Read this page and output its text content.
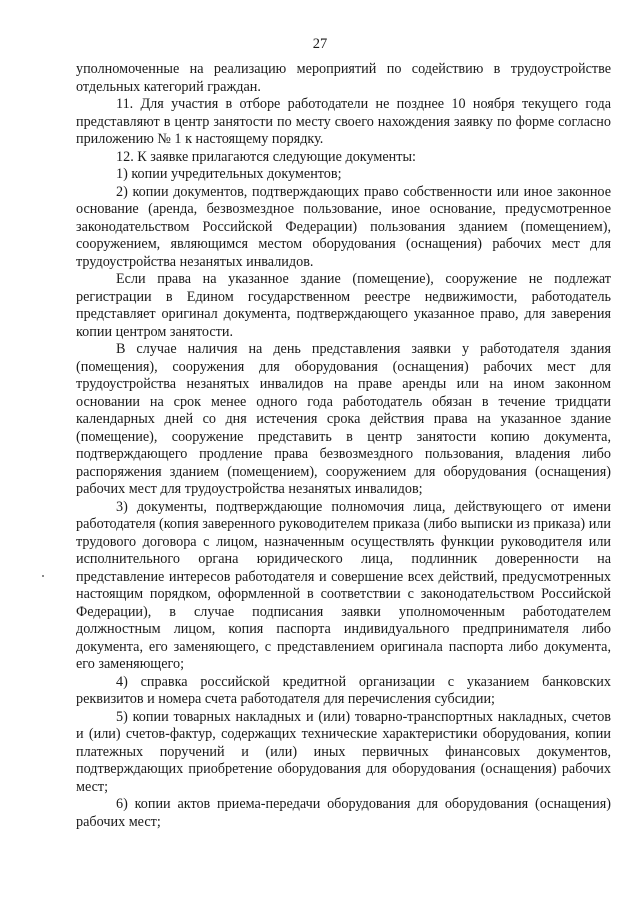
27

уполномоченные на реализацию мероприятий по содействию в трудоустройстве отдельных категорий граждан.

11. Для участия в отборе работодатели не позднее 10 ноября текущего года представляют в центр занятости по месту своего нахождения заявку по форме согласно приложению № 1 к настоящему порядку.

12. К заявке прилагаются следующие документы:

1) копии учредительных документов;

2) копии документов, подтверждающих право собственности или иное законное основание (аренда, безвозмездное пользование, иное основание, предусмотренное законодательством Российской Федерации) пользования зданием (помещением), сооружением, являющимся местом оборудования (оснащения) рабочих мест для трудоустройства незанятых инвалидов.

Если права на указанное здание (помещение), сооружение не подлежат регистрации в Едином государственном реестре недвижимости, работодатель представляет оригинал документа, подтверждающего указанное право, для заверения копии центром занятости.

В случае наличия на день представления заявки у работодателя здания (помещения), сооружения для оборудования (оснащения) рабочих мест для трудоустройства незанятых инвалидов на праве аренды или на ином законном основании на срок менее одного года работодатель обязан в течение тридцати календарных дней со дня истечения срока действия права на указанное здание (помещение), сооружение представить в центр занятости копию документа, подтверждающего продление права безвозмездного пользования, владения либо распоряжения зданием (помещением), сооружением для оборудования (оснащения) рабочих мест для трудоустройства незанятых инвалидов;

3) документы, подтверждающие полномочия лица, действующего от имени работодателя (копия заверенного руководителем приказа (либо выписки из приказа) или трудового договора с лицом, назначенным осуществлять функции руководителя или исполнительного органа юридического лица, подлинник доверенности на представление интересов работодателя и совершение всех действий, предусмотренных настоящим порядком, оформленной в соответствии с законодательством Российской Федерации), в случае подписания заявки уполномоченным работодателем должностным лицом, копия паспорта индивидуального предпринимателя либо документа, его заменяющего, с представлением оригинала паспорта либо документа, его заменяющего;

4) справка российской кредитной организации с указанием банковских реквизитов и номера счета работодателя для перечисления субсидии;

5) копии товарных накладных и (или) товарно-транспортных накладных, счетов и (или) счетов-фактур, содержащих технические характеристики оборудования, копии платежных поручений и (или) иных первичных финансовых документов, подтверждающих приобретение оборудования для оборудования (оснащения) рабочих мест;

6) копии актов приема-передачи оборудования для оборудования (оснащения) рабочих мест;
